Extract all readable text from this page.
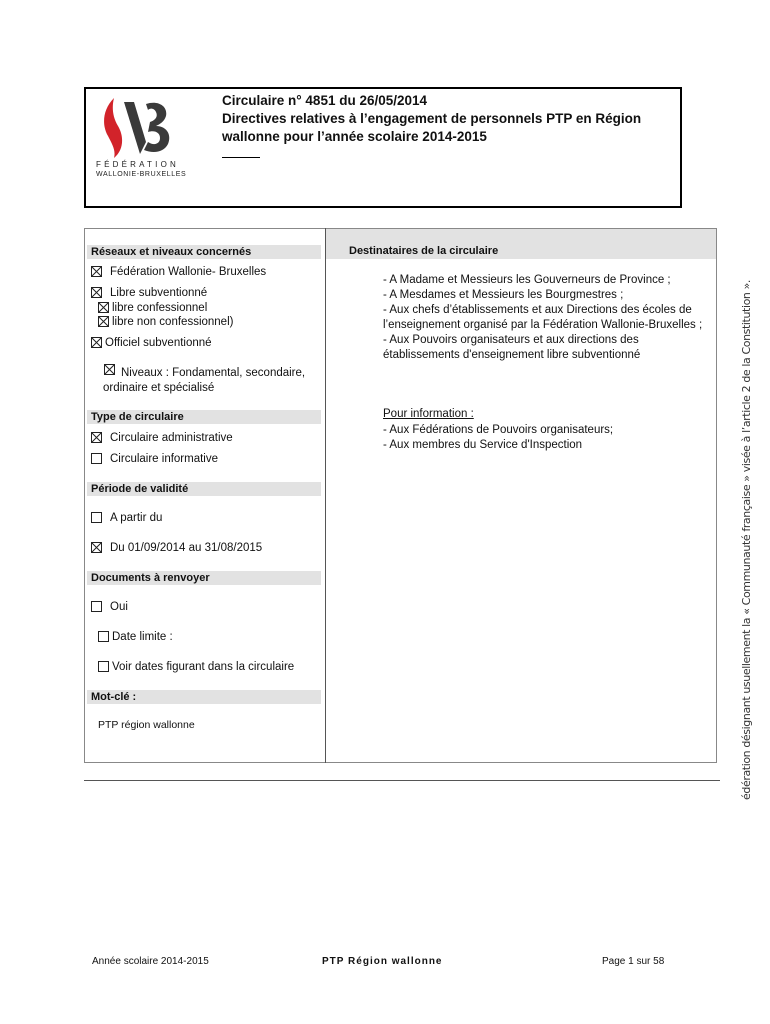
FÉDÉRATION
WALLONIE-BRUXELLES
Circulaire n° 4851 du 26/05/2014
Directives relatives à l’engagement de personnels PTP en Région
wallonne pour l’année scolaire 2014-2015
Réseaux et niveaux concernés
Fédération Wallonie- Bruxelles
Libre subventionné
libre confessionnel
libre non confessionnel)
Officiel subventionné
Niveaux : Fondamental, secondaire,
ordinaire et spécialisé
Type de circulaire
Circulaire administrative
Circulaire informative
Période de validité
A partir du
Du 01/09/2014 au 31/08/2015
Documents à renvoyer
Oui
Date limite :
Voir dates figurant dans la circulaire
Mot-clé :
PTP région wallonne
Destinataires de la circulaire
- A Madame et Messieurs les Gouverneurs de Province ;
- A Mesdames et Messieurs les Bourgmestres ;
- Aux chefs d’établissements et aux Directions des écoles de
l’enseignement organisé par la Fédération Wallonie-Bruxelles ;
- Aux Pouvoirs organisateurs et aux directions des
établissements d'enseignement libre subventionné
Pour information :
- Aux Fédérations de Pouvoirs organisateurs;
- Aux membres du Service d'Inspection	édération désignant usuellement la « Communauté française » visée à l’article 2 de la Constitution ».
Année scolaire 2014-2015	PTP Région wallonne	Page 1 sur 58
